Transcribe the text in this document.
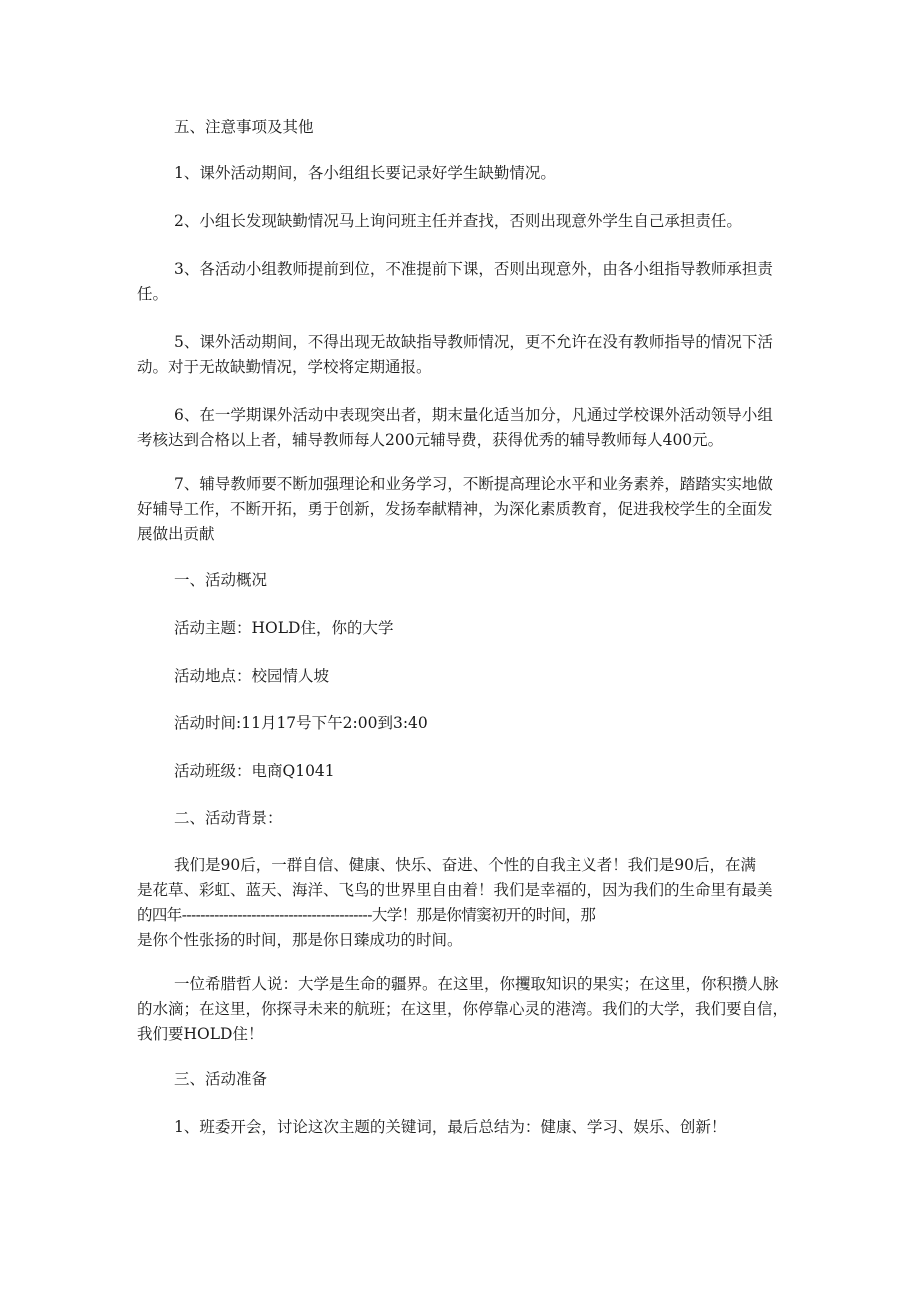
五、注意事项及其他

1、课外活动期间，各小组组长要记录好学生缺勤情况。

2、小组长发现缺勤情况马上询问班主任并查找，否则出现意外学生自己承担责任。

3、各活动小组教师提前到位，不准提前下课，否则出现意外，由各小组指导教师承担责
任。

5、课外活动期间，不得出现无故缺指导教师情况，更不允许在没有教师指导的情况下活
动。对于无故缺勤情况，学校将定期通报。

6、在一学期课外活动中表现突出者，期末量化适当加分，凡通过学校课外活动领导小组
考核达到合格以上者，辅导教师每人200元辅导费，获得优秀的辅导教师每人400元。

7、辅导教师要不断加强理论和业务学习，不断提高理论水平和业务素养，踏踏实实地做
好辅导工作，不断开拓，勇于创新，发扬奉献精神，为深化素质教育，促进我校学生的全面发
展做出贡献

一、活动概况

活动主题：HOLD住，你的大学

活动地点：校园情人坡

活动时间:11月17号下午2:00到3:40

活动班级：电商Q1041

二、活动背景：

我们是90后，一群自信、健康、快乐、奋进、个性的自我主义者！我们是90后，在满
是花草、彩虹、蓝天、海洋、飞鸟的世界里自由着！我们是幸福的，因为我们的生命里有最美
的四年-----------------------------------------大学！那是你情窦初开的时间，那
是你个性张扬的时间，那是你日臻成功的时间。

一位希腊哲人说：大学是生命的疆界。在这里，你攫取知识的果实；在这里，你积攒人脉
的水滴；在这里，你探寻未来的航班；在这里，你停靠心灵的港湾。我们的大学，我们要自信，
我们要HOLD住！

三、活动准备

1、班委开会，讨论这次主题的关键词，最后总结为：健康、学习、娱乐、创新！
